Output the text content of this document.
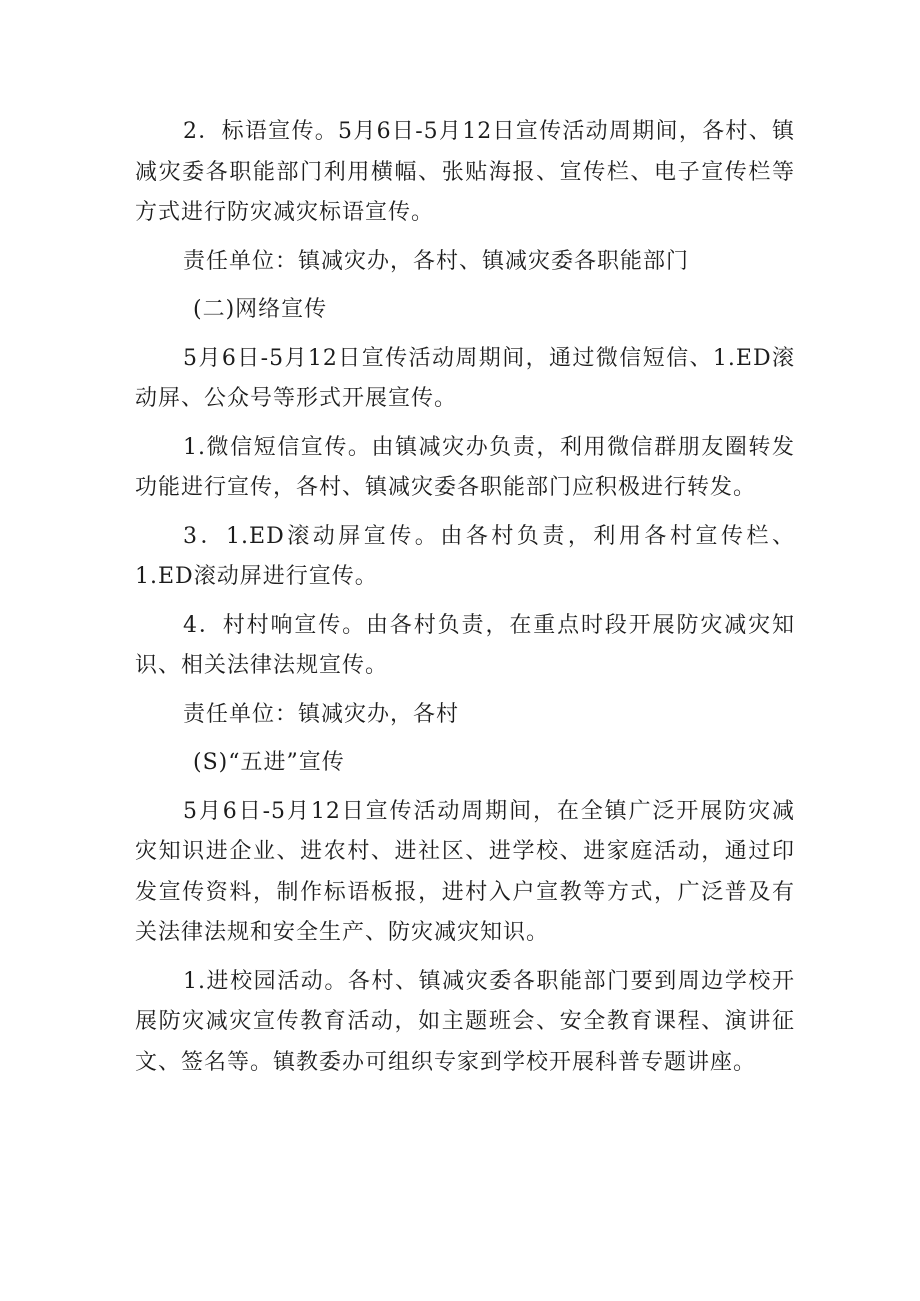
2．标语宣传。5月6日-5月12日宣传活动周期间，各村、镇减灾委各职能部门利用横幅、张贴海报、宣传栏、电子宣传栏等方式进行防灾减灾标语宣传。

责任单位：镇减灾办，各村、镇减灾委各职能部门

(二)网络宣传

5月6日-5月12日宣传活动周期间，通过微信短信、1.ED滚动屏、公众号等形式开展宣传。

1.微信短信宣传。由镇减灾办负责，利用微信群朋友圈转发功能进行宣传，各村、镇减灾委各职能部门应积极进行转发。

3．1.ED滚动屏宣传。由各村负责，利用各村宣传栏、1.ED滚动屏进行宣传。

4．村村响宣传。由各村负责，在重点时段开展防灾减灾知识、相关法律法规宣传。

责任单位：镇减灾办，各村

(S)“五进”宣传

5月6日-5月12日宣传活动周期间，在全镇广泛开展防灾减灾知识进企业、进农村、进社区、进学校、进家庭活动，通过印发宣传资料，制作标语板报，进村入户宣教等方式，广泛普及有关法律法规和安全生产、防灾减灾知识。

1.进校园活动。各村、镇减灾委各职能部门要到周边学校开展防灾减灾宣传教育活动，如主题班会、安全教育课程、演讲征文、签名等。镇教委办可组织专家到学校开展科普专题讲座。
